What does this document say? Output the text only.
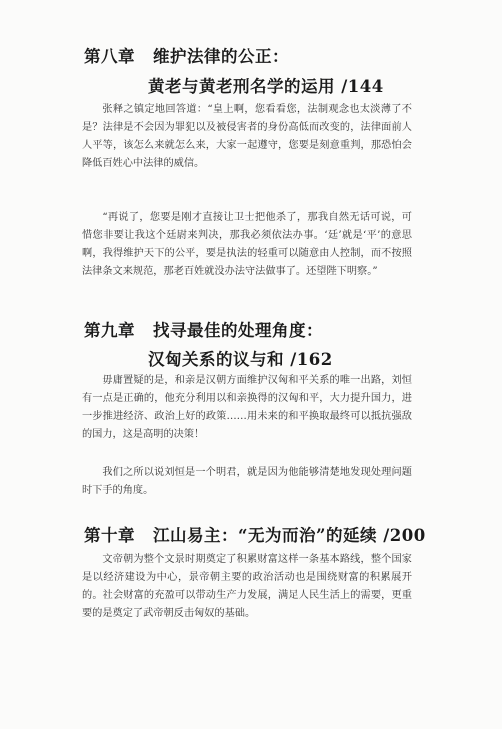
第八章 维护法律的公正：
黄老与黄老刑名学的运用 /144

张释之镇定地回答道：“皇上啊，您看看您，法制观念也太淡薄了不是？法律是不会因为罪犯以及被侵害者的身份高低而改变的，法律面前人人平等，该怎么来就怎么来，大家一起遵守，您要是刻意重判，那恐怕会降低百姓心中法律的威信。

“再说了，您要是刚才直接让卫士把他杀了，那我自然无话可说，可惜您非要让我这个廷尉来判决，那我必须依法办事。‘廷’就是‘平’的意思啊，我得维护天下的公平，要是执法的轻重可以随意由人控制，而不按照法律条文来规范，那老百姓就没办法守法做事了。还望陛下明察。”

第九章 找寻最佳的处理角度：
汉匈关系的议与和 /162

毋庸置疑的是，和亲是汉朝方面维护汉匈和平关系的唯一出路，刘恒有一点是正确的，他充分利用以和亲换得的汉匈和平，大力提升国力，进一步推进经济、政治上好的政策……用未来的和平换取最终可以抵抗强敌的国力，这是高明的决策！

我们之所以说刘恒是一个明君，就是因为他能够清楚地发现处理问题时下手的角度。

第十章 江山易主：“无为而治”的延续 /200

文帝朝为整个文景时期奠定了积累财富这样一条基本路线，整个国家是以经济建设为中心，景帝朝主要的政治活动也是围绕财富的积累展开的。社会财富的充盈可以带动生产力发展，满足人民生活上的需要，更重要的是奠定了武帝朝反击匈奴的基础。
